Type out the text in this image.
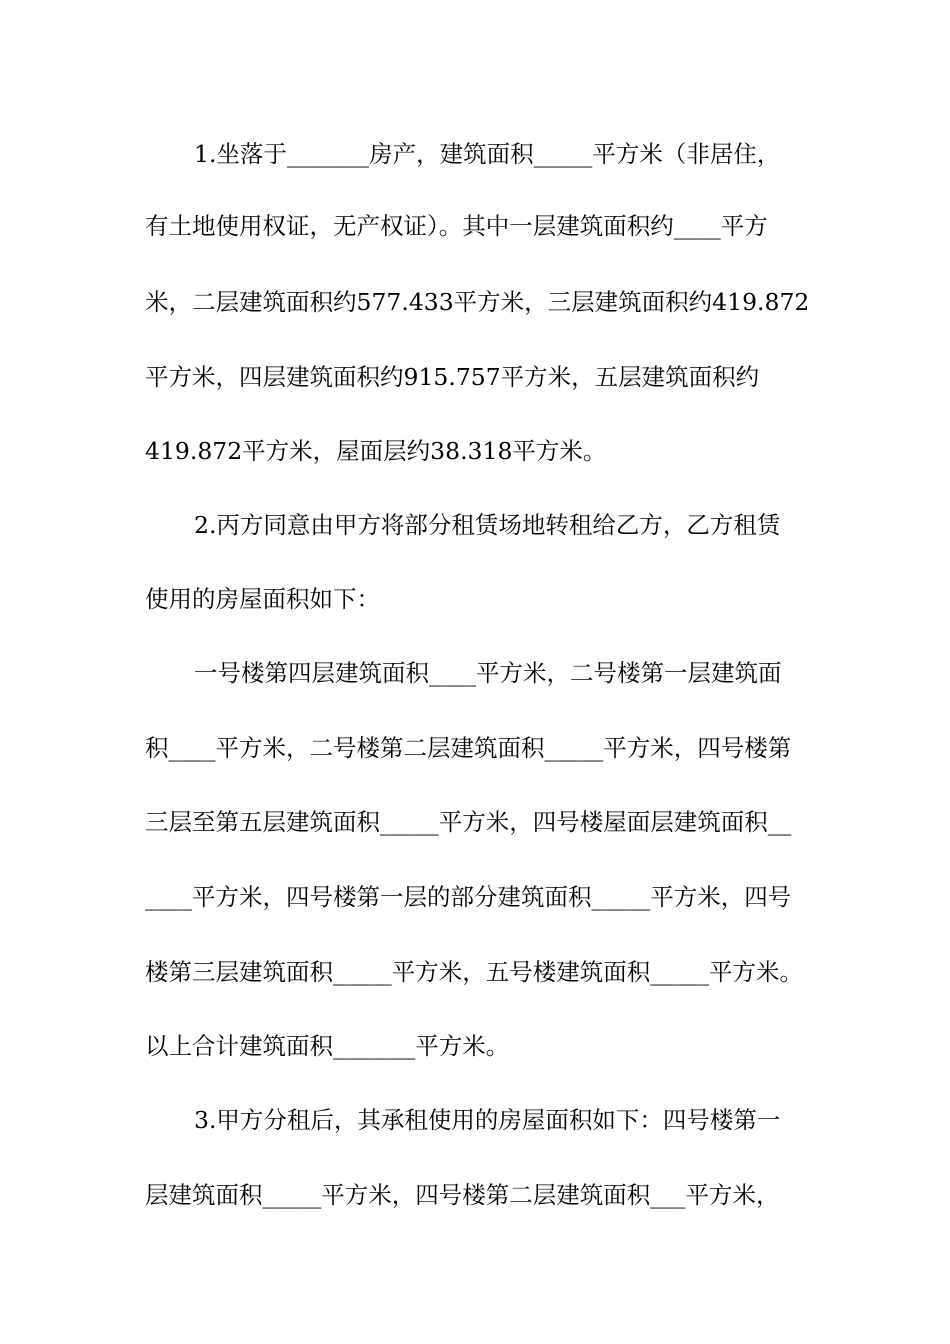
1.坐落于_______房产，建筑面积_____平方米（非居住，
有土地使用权证，无产权证）。其中一层建筑面积约____平方
米，二层建筑面积约577.433平方米，三层建筑面积约419.872
平方米，四层建筑面积约915.757平方米，五层建筑面积约
419.872平方米，屋面层约38.318平方米。
2.丙方同意由甲方将部分租赁场地转租给乙方，乙方租赁
使用的房屋面积如下：
一号楼第四层建筑面积____平方米，二号楼第一层建筑面
积____平方米，二号楼第二层建筑面积_____平方米，四号楼第
三层至第五层建筑面积_____平方米，四号楼屋面层建筑面积__
____平方米，四号楼第一层的部分建筑面积_____平方米，四号
楼第三层建筑面积_____平方米，五号楼建筑面积_____平方米。
以上合计建筑面积_______平方米。
3.甲方分租后，其承租使用的房屋面积如下：四号楼第一
层建筑面积_____平方米，四号楼第二层建筑面积___平方米，
